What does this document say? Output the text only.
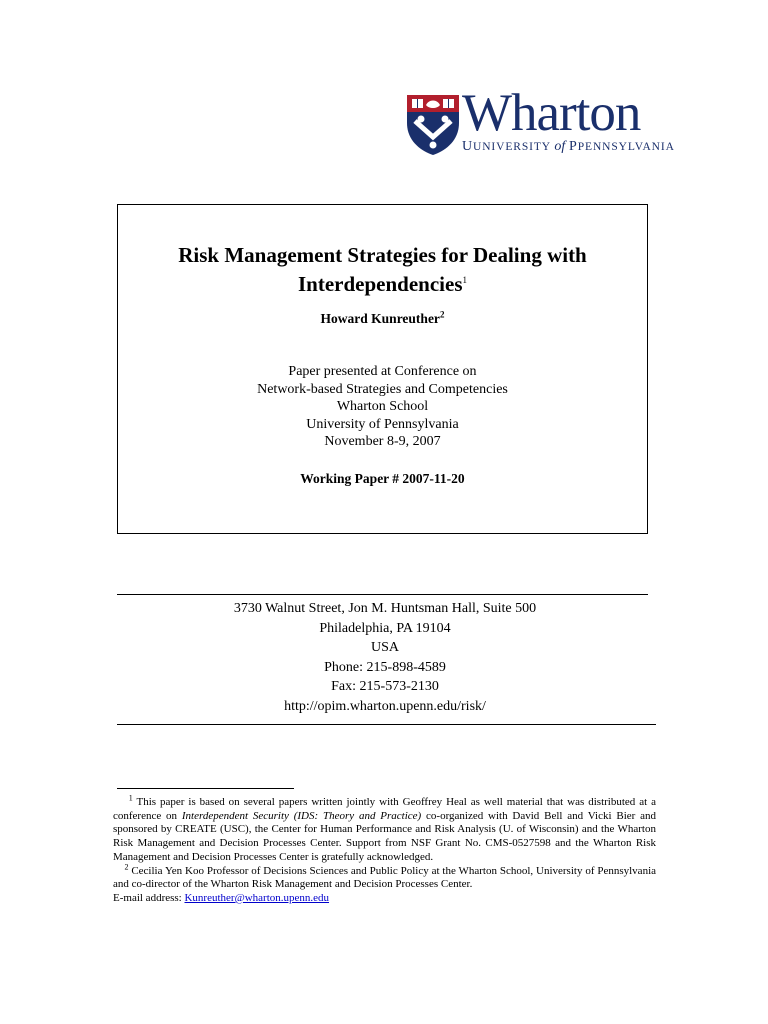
Wharton
UUNIVERSITY of PPENNSYLVANIA
Risk Management Strategies for Dealing with
Interdependencies$^1$
Howard Kunreuther$^2$
Paper presented at Conference on
Network-based Strategies and Competencies
Wharton School
University of Pennsylvania
November 8-9, 2007
Working Paper # 2007-11-20
3730 Walnut Street, Jon M. Huntsman Hall, Suite 500
Philadelphia, PA 19104
USA
Phone: 215-898-4589
Fax: 215-573-2130
http://opim.wharton.upenn.edu/risk/

$^1$ This paper is based on several papers written jointly with Geoffrey Heal as well material that was distributed at a conference on Interdependent Security (IDS: Theory and Practice) co-organized with David Bell and Vicki Bier and sponsored by CREATE (USC), the Center for Human Performance and Risk Analysis (U. of Wisconsin) and the Wharton Risk Management and Decision Processes Center. Support from NSF Grant No. CMS-0527598 and the Wharton Risk Management and Decision Processes Center is gratefully acknowledged.

$^2$ Cecilia Yen Koo Professor of Decisions Sciences and Public Policy at the Wharton School, University of Pennsylvania and co-director of the Wharton Risk Management and Decision Processes Center.

E-mail address: Kunreuther@wharton.upenn.edu
